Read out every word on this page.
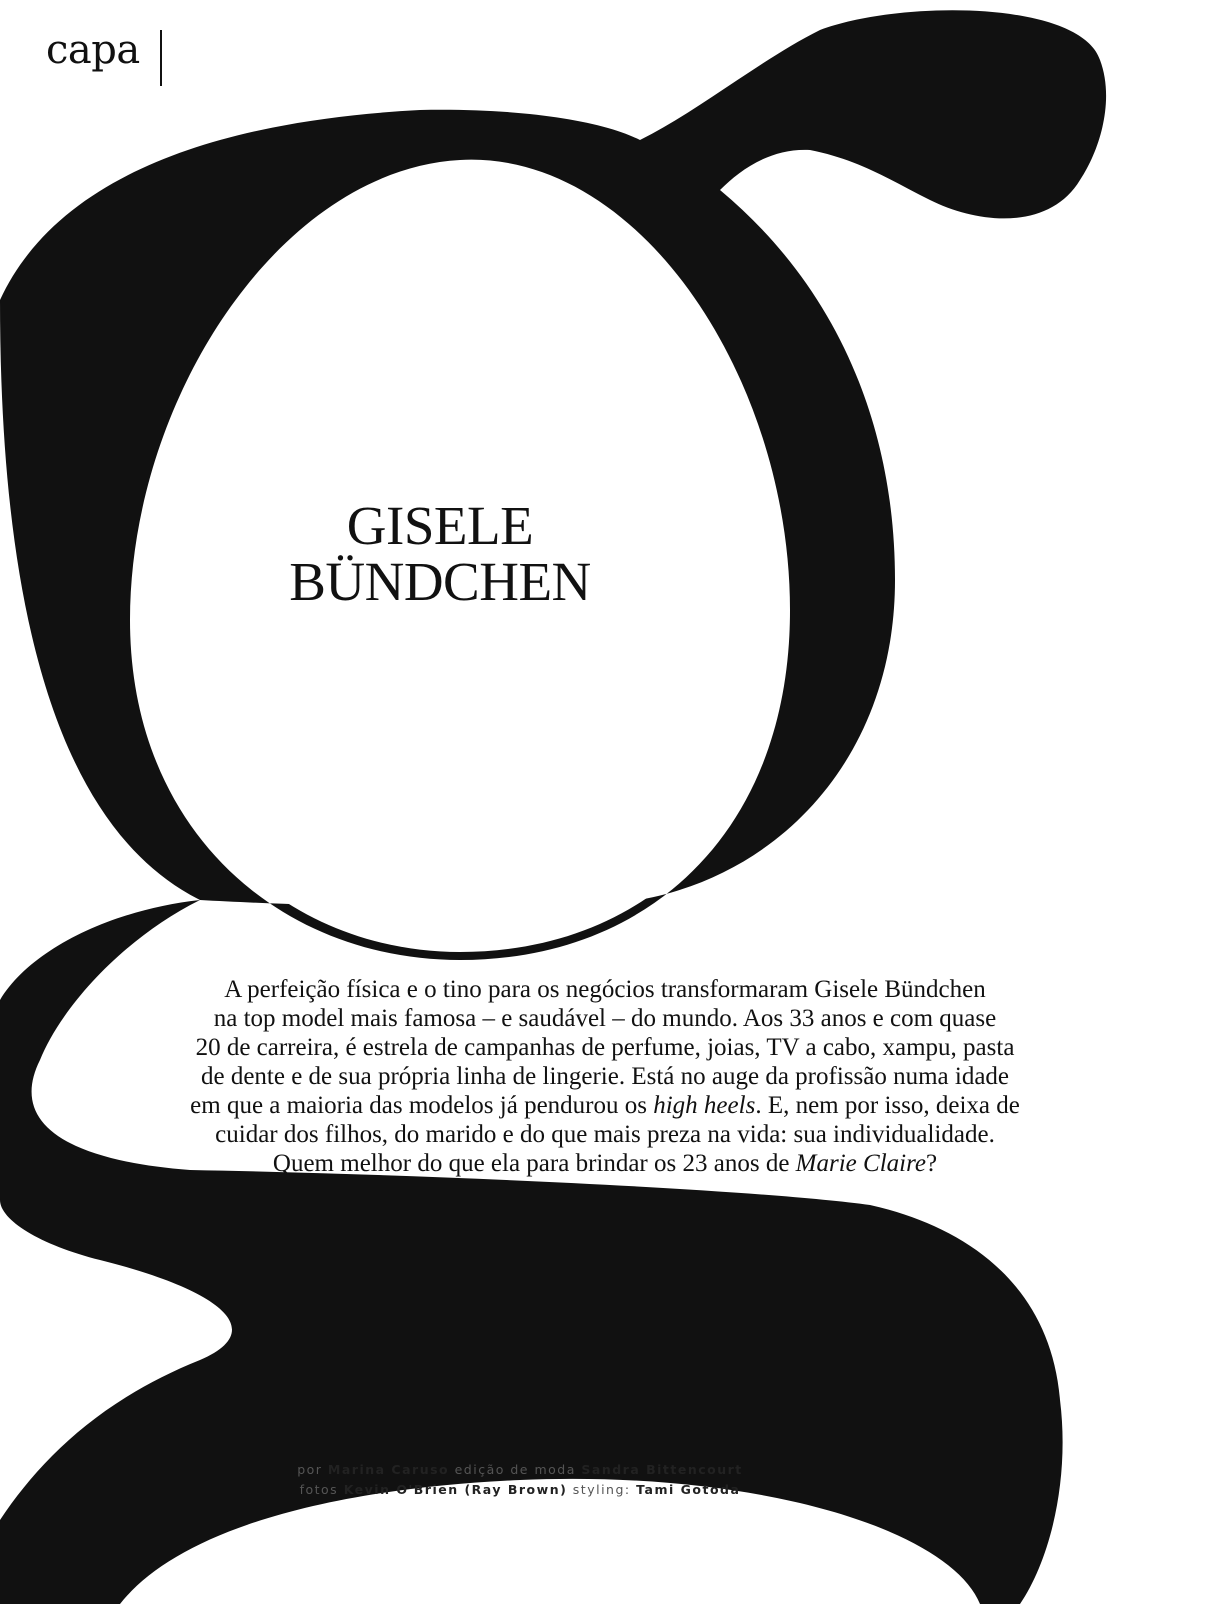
capa
GISELE
BÜNDCHEN
A perfeição física e o tino para os negócios transformaram Gisele Bündchen
na top model mais famosa – e saudável – do mundo. Aos 33 anos e com quase
20 de carreira, é estrela de campanhas de perfume, joias, TV a cabo, xampu, pasta
de dente e de sua própria linha de lingerie. Está no auge da profissão numa idade
em que a maioria das modelos já pendurou os high heels. E, nem por isso, deixa de
cuidar dos filhos, do marido e do que mais preza na vida: sua individualidade.
Quem melhor do que ela para brindar os 23 anos de Marie Claire?
por Marina Caruso edição de moda Sandra Bittencourt
fotos Kevin O'Brien (Ray Brown) styling: Tami Gotoda
